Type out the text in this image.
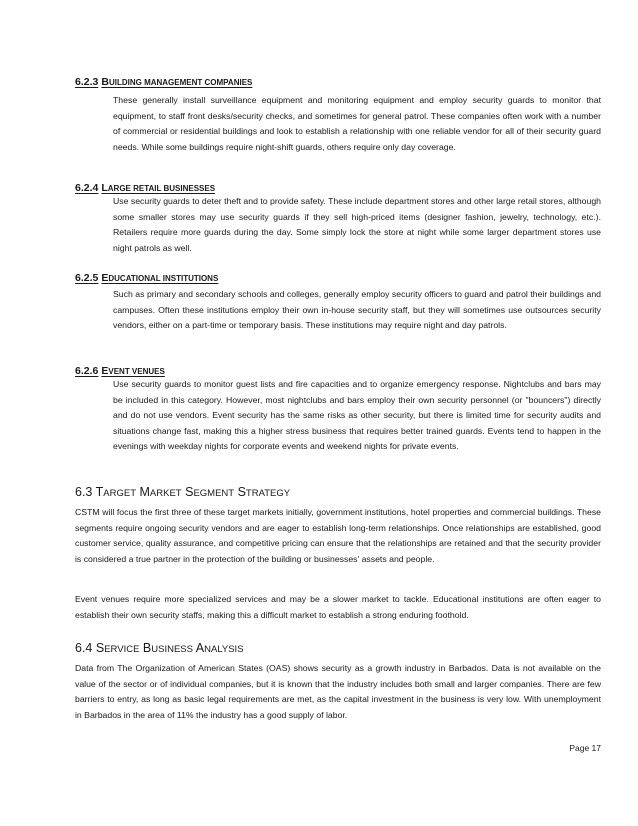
6.2.3 BUILDING MANAGEMENT COMPANIES

These generally install surveillance equipment and monitoring equipment and employ security guards to monitor that equipment, to staff front desks/security checks, and sometimes for general patrol. These companies often work with a number of commercial or residential buildings and look to establish a relationship with one reliable vendor for all of their security guard needs. While some buildings require night-shift guards, others require only day coverage.

6.2.4 LARGE RETAIL BUSINESSES

Use security guards to deter theft and to provide safety. These include department stores and other large retail stores, although some smaller stores may use security guards if they sell high-priced items (designer fashion, jewelry, technology, etc.). Retailers require more guards during the day. Some simply lock the store at night while some larger department stores use night patrols as well.

6.2.5 EDUCATIONAL INSTITUTIONS

Such as primary and secondary schools and colleges, generally employ security officers to guard and patrol their buildings and campuses. Often these institutions employ their own in-house security staff, but they will sometimes use outsources security vendors, either on a part-time or temporary basis. These institutions may require night and day patrols.

6.2.6 EVENT VENUES

Use security guards to monitor guest lists and fire capacities and to organize emergency response. Nightclubs and bars may be included in this category. However, most nightclubs and bars employ their own security personnel (or "bouncers") directly and do not use vendors. Event security has the same risks as other security, but there is limited time for security audits and situations change fast, making this a higher stress business that requires better trained guards. Events tend to happen in the evenings with weekday nights for corporate events and weekend nights for private events.

6.3 TARGET MARKET SEGMENT STRATEGY

CSTM will focus the first three of these target markets initially, government institutions, hotel properties and commercial buildings. These segments require ongoing security vendors and are eager to establish long-term relationships. Once relationships are established, good customer service, quality assurance, and competitive pricing can ensure that the relationships are retained and that the security provider is considered a true partner in the protection of the building or businesses' assets and people.

Event venues require more specialized services and may be a slower market to tackle. Educational institutions are often eager to establish their own security staffs, making this a difficult market to establish a strong enduring foothold.

6.4 SERVICE BUSINESS ANALYSIS

Data from The Organization of American States (OAS) shows security as a growth industry in Barbados. Data is not available on the value of the sector or of individual companies, but it is known that the industry includes both small and larger companies. There are few barriers to entry, as long as basic legal requirements are met, as the capital investment in the business is very low. With unemployment in Barbados in the area of 11% the industry has a good supply of labor.

Page 17
